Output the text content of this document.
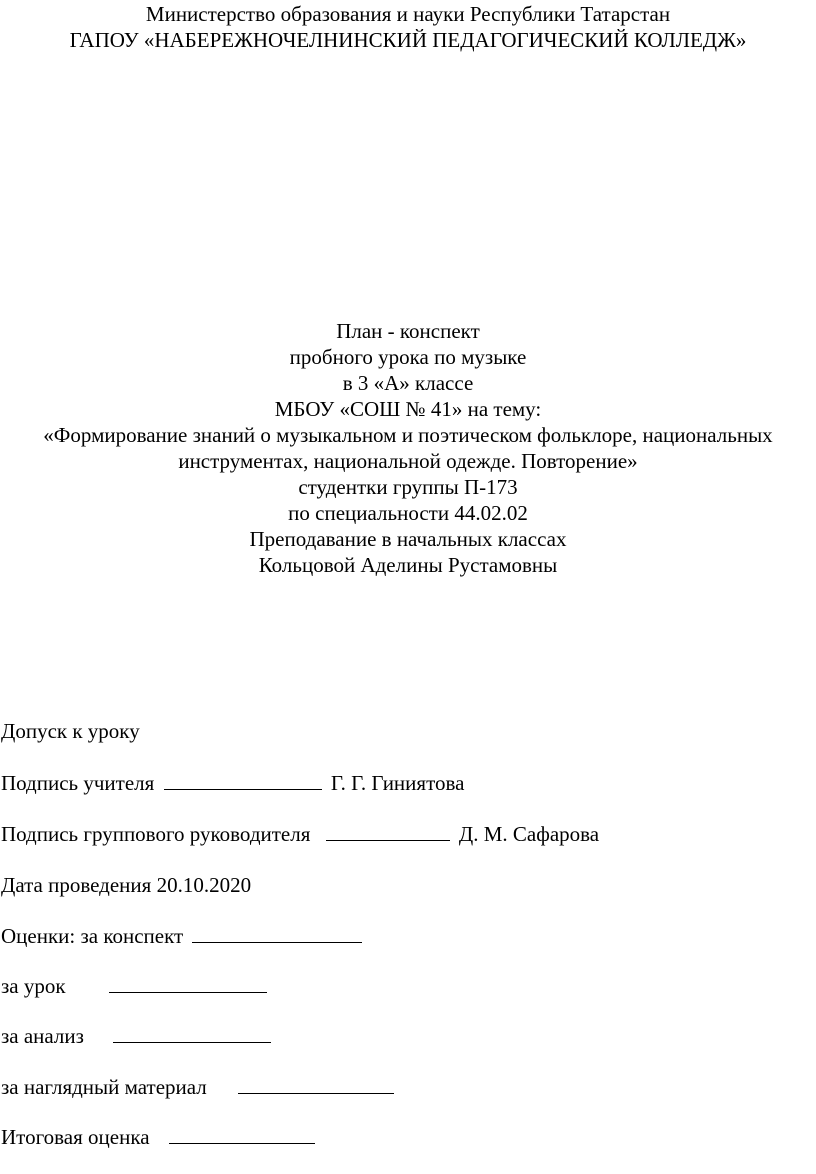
Министерство образования и науки Республики Татарстан
ГАПОУ «НАБЕРЕЖНОЧЕЛНИНСКИЙ ПЕДАГОГИЧЕСКИЙ КОЛЛЕДЖ»
План - конспект
пробного урока по музыке
в 3 «А» классе
МБОУ «СОШ № 41» на тему:
«Формирование знаний о музыкальном и поэтическом фольклоре, национальных
инструментах, национальной одежде. Повторение»
студентки группы П-173
по специальности 44.02.02
Преподавание в начальных классах
Кольцовой Аделины Рустамовны
Допуск к уроку
Подпись учителя	Г. Г. Гиниятова
Подпись группового руководителя	Д. М. Сафарова
Дата проведения 20.10.2020
Оценки: за конспект
за урок
за анализ
за наглядный материал
Итоговая оценка
